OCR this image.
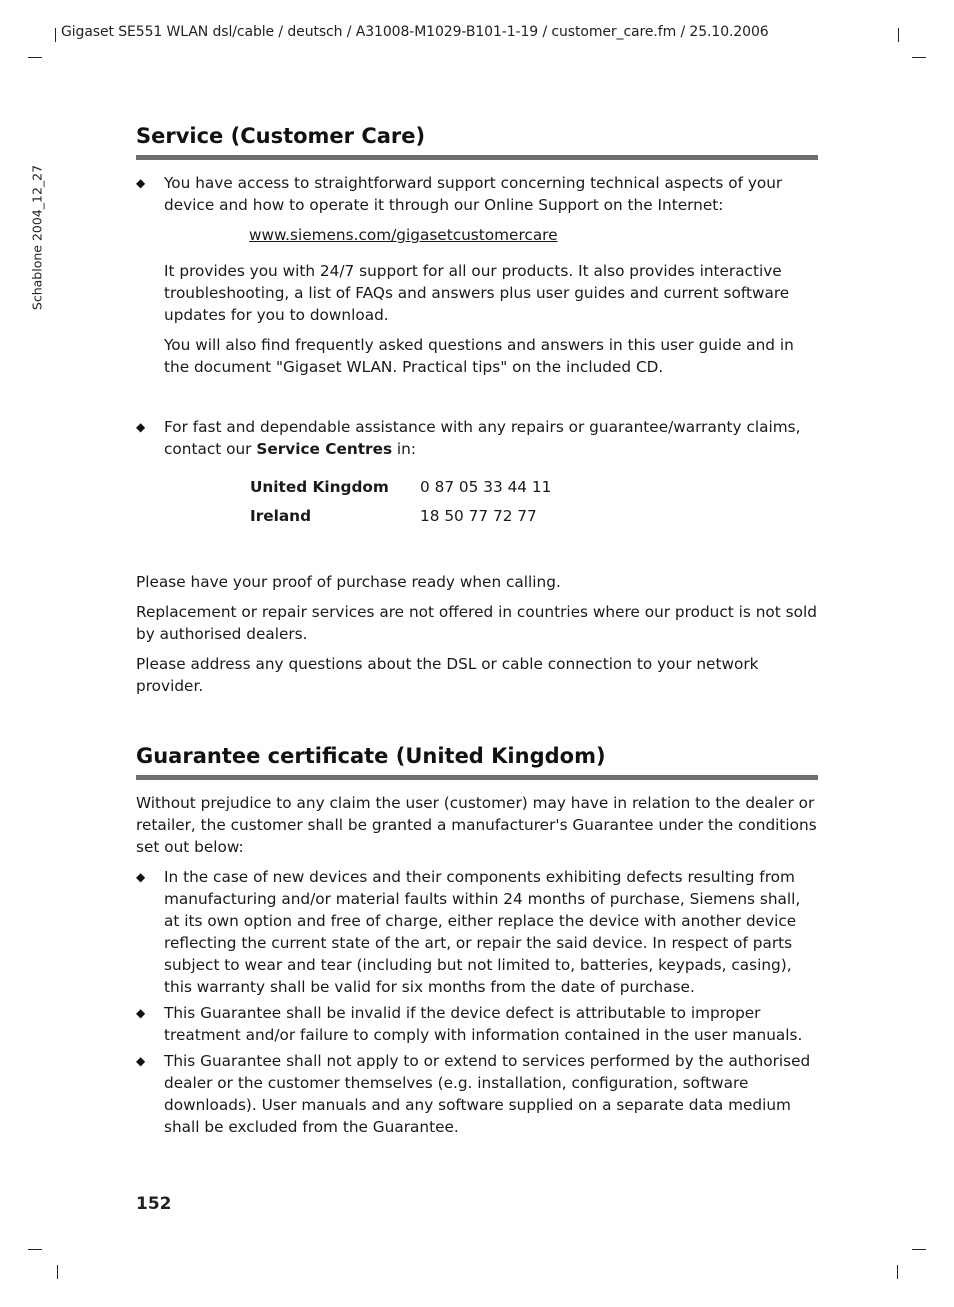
Gigaset SE551 WLAN dsl/cable / deutsch / A31008-M1029-B101-1-19 / customer_care.fm / 25.10.2006
Schablone 2004_12_27
Service (Customer Care)
◆	You have access to straightforward support concerning technical aspects of your device and how to operate it through our Online Support on the Internet:
www.siemens.com/gigasetcustomercare
It provides you with 24/7 support for all our products. It also provides interactive troubleshooting, a list of FAQs and answers plus user guides and current software updates for you to download.
You will also find frequently asked questions and answers in this user guide and in the document "Gigaset WLAN. Practical tips" on the included CD.
◆	For fast and dependable assistance with any repairs or guarantee/warranty claims, contact our Service Centres in:
United Kingdom 0 87 05 33 44 11
Ireland	18 50 77 72 77
Please have your proof of purchase ready when calling.
Replacement or repair services are not offered in countries where our product is not sold by authorised dealers.
Please address any questions about the DSL or cable connection to your network provider.
Guarantee certificate (United Kingdom)
Without prejudice to any claim the user (customer) may have in relation to the dealer or retailer, the customer shall be granted a manufacturer's Guarantee under the conditions set out below:
◆	In the case of new devices and their components exhibiting defects resulting from manufacturing and/or material faults within 24 months of purchase, Siemens shall, at its own option and free of charge, either replace the device with another device reflecting the current state of the art, or repair the said device. In respect of parts subject to wear and tear (including but not limited to, batteries, keypads, casing), this warranty shall be valid for six months from the date of purchase.
◆	This Guarantee shall be invalid if the device defect is attributable to improper treatment and/or failure to comply with information contained in the user manuals.
◆	This Guarantee shall not apply to or extend to services performed by the authorised dealer or the customer themselves (e.g. installation, configuration, software downloads). User manuals and any software supplied on a separate data medium shall be excluded from the Guarantee.
152
